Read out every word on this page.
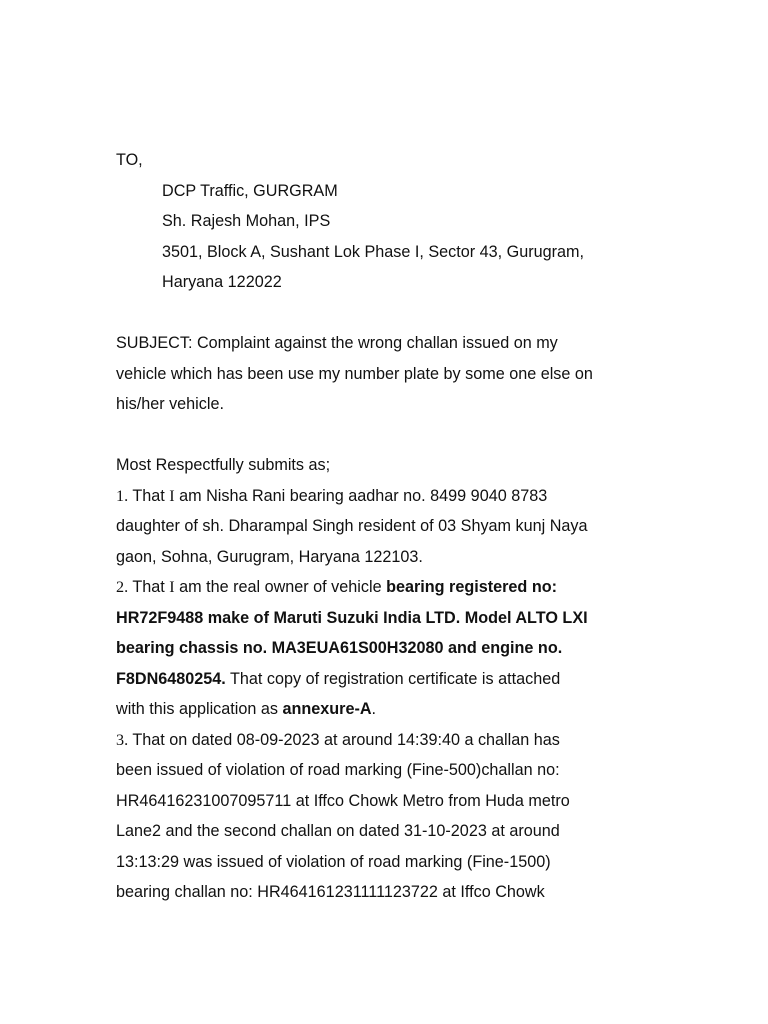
TO,
DCP Traffic, GURGRAM
Sh. Rajesh Mohan, IPS
3501, Block A, Sushant Lok Phase I, Sector 43, Gurugram,
Haryana 122022
SUBJECT: Complaint against the wrong challan issued on my
vehicle which has been use my number plate by some one else on
his/her vehicle.
Most Respectfully submits as;
1. That I am Nisha Rani bearing aadhar no. 8499 9040 8783
daughter of sh. Dharampal Singh resident of 03 Shyam kunj Naya
gaon, Sohna, Gurugram, Haryana 122103.
2. That I am the real owner of vehicle bearing registered no:
HR72F9488 make of Maruti Suzuki India LTD. Model ALTO LXI
bearing chassis no. MA3EUA61S00H32080 and engine no.
F8DN6480254. That copy of registration certificate is attached
with this application as annexure-A.
3. That on dated 08-09-2023 at around 14:39:40 a challan has
been issued of violation of road marking (Fine-500)challan no:
HR46416231007095711 at Iffco Chowk Metro from Huda metro
Lane2 and the second challan on dated 31-10-2023 at around
13:13:29 was issued of violation of road marking (Fine-1500)
bearing challan no: HR464161231111123722 at Iffco Chowk
